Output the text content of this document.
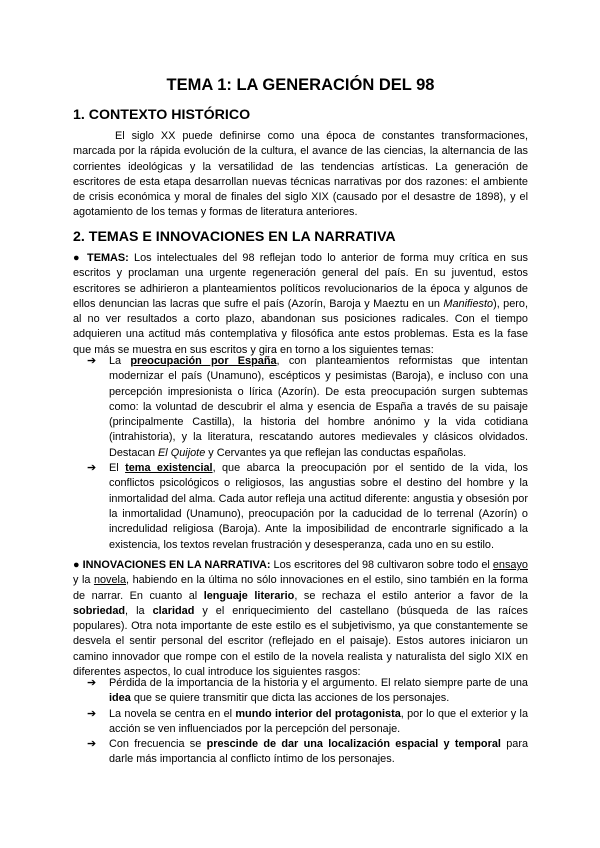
TEMA 1: LA GENERACIÓN DEL 98
1. CONTEXTO HISTÓRICO
El siglo XX puede definirse como una época de constantes transformaciones, marcada por la rápida evolución de la cultura, el avance de las ciencias, la alternancia de las corrientes ideológicas y la versatilidad de las tendencias artísticas. La generación de escritores de esta etapa desarrollan nuevas técnicas narrativas por dos razones: el ambiente de crisis económica y moral de finales del siglo XIX (causado por el desastre de 1898), y el agotamiento de los temas y formas de literatura anteriores.
2. TEMAS E INNOVACIONES EN LA NARRATIVA
● TEMAS: Los intelectuales del 98 reflejan todo lo anterior de forma muy crítica en sus escritos y proclaman una urgente regeneración general del país. En su juventud, estos escritores se adhirieron a planteamientos políticos revolucionarios de la época y algunos de ellos denuncian las lacras que sufre el país (Azorín, Baroja y Maeztu en un Manifiesto), pero, al no ver resultados a corto plazo, abandonan sus posiciones radicales. Con el tiempo adquieren una actitud más contemplativa y filosófica ante estos problemas. Esta es la fase que más se muestra en sus escritos y gira en torno a los siguientes temas:
➔ La preocupación por España, con planteamientos reformistas que intentan modernizar el país (Unamuno), escépticos y pesimistas (Baroja), e incluso con una percepción impresionista o lírica (Azorín). De esta preocupación surgen subtemas como: la voluntad de descubrir el alma y esencia de España a través de su paisaje (principalmente Castilla), la historia del hombre anónimo y la vida cotidiana (intrahistoria), y la literatura, rescatando autores medievales y clásicos olvidados. Destacan El Quijote y Cervantes ya que reflejan las conductas españolas.
➔ El tema existencial, que abarca la preocupación por el sentido de la vida, los conflictos psicológicos o religiosos, las angustias sobre el destino del hombre y la inmortalidad del alma. Cada autor refleja una actitud diferente: angustia y obsesión por la inmortalidad (Unamuno), preocupación por la caducidad de lo terrenal (Azorín) o incredulidad religiosa (Baroja). Ante la imposibilidad de encontrarle significado a la existencia, los textos revelan frustración y desesperanza, cada uno en su estilo.
● INNOVACIONES EN LA NARRATIVA: Los escritores del 98 cultivaron sobre todo el ensayo y la novela, habiendo en la última no sólo innovaciones en el estilo, sino también en la forma de narrar. En cuanto al lenguaje literario, se rechaza el estilo anterior a favor de la sobriedad, la claridad y el enriquecimiento del castellano (búsqueda de las raíces populares). Otra nota importante de este estilo es el subjetivismo, ya que constantemente se desvela el sentir personal del escritor (reflejado en el paisaje). Estos autores iniciaron un camino innovador que rompe con el estilo de la novela realista y naturalista del siglo XIX en diferentes aspectos, lo cual introduce los siguientes rasgos:
➔ Pérdida de la importancia de la historia y el argumento. El relato siempre parte de una idea que se quiere transmitir que dicta las acciones de los personajes.
➔ La novela se centra en el mundo interior del protagonista, por lo que el exterior y la acción se ven influenciados por la percepción del personaje.
➔ Con frecuencia se prescinde de dar una localización espacial y temporal para darle más importancia al conflicto íntimo de los personajes.
